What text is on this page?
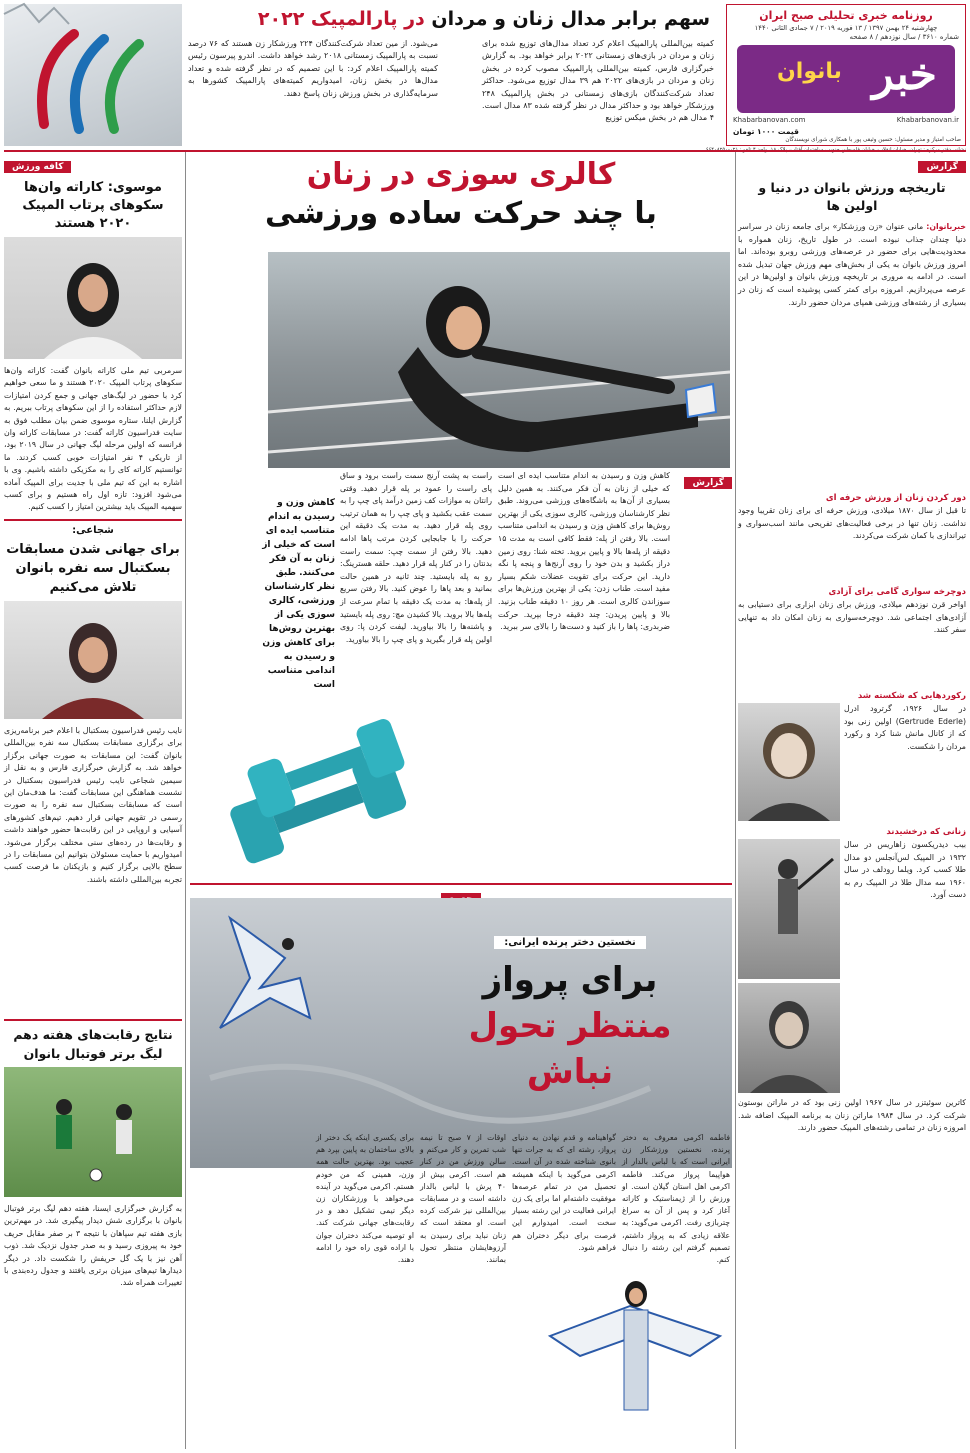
روزنامه خبری تحلیلی صبح ایران
چهارشنبه ۲۴ بهمن ۱۳۹۷ / ۱۳ فوریه ۲۰۱۹ / ۷ جمادی الثانی ۱۴۴۰
شماره ۳۶۱۰ / سال نوزدهم / ۸ صفحه
خبر
بانوان
Khabarbanovan.com	Khabarbanovan.ir
قیمت ۱۰۰۰ تومان
صاحب امتیاز و مدیر مسئول: حسین وثیقی پور با همکاری شورای نویسندگان
سهم برابر مدال زنان و مردان در پارالمپیک ۲۰۲۲
کمیته بین‌المللی پارالمپیک اعلام کرد تعداد مدال‌های توزیع شده برای زنان و مردان در بازی‌های زمستانی ۲۰۲۲ برابر خواهد بود. به گزارش خبرگزاری فارس، کمیته بین‌المللی پارالمپیک مصوب کرده در بخش زنان و مردان در بازی‌های ۲۰۲۲ هم ۳۹ مدال توزیع می‌شود. حداکثر تعداد شرکت‌کنندگان بازی‌های زمستانی در بخش پارالمپیک ۲۴۸ ورزشکار خواهد بود و حداکثر مدال در نظر گرفته شده ۸۳ مدال است. ۴ مدال هم در بخش میکس توزیع
می‌شود. از مین تعداد شرکت‌کنندگان ۲۲۴ ورزشکار زن هستند که ۷۶ درصد نسبت به پارالمپیک زمستانی ۲۰۱۸ رشد خواهد داشت. اندرو پیرسون رئیس کمیته پارالمپیک اعلام کرد: با این تصمیم که در نظر گرفته شده و تعداد مدال‌ها در بخش زنان، امیدواریم کمیته‌های پارالمپیک کشورها به سرمایه‌گذاری در بخش ورزش زنان پاسخ دهند.
کافه ورزش
موسوی: کاراته وان‌ها سکوهای پرتاب المپیک ۲۰۲۰ هستند
سرمربی تیم ملی کاراته بانوان گفت: کاراته وان‌ها سکوهای پرتاب المپیک ۲۰۲۰ هستند و ما سعی خواهیم کرد با حضور در لیگ‌های جهانی و جمع کردن امتیازات لازم حداکثر استفاده را از این سکوهای پرتاب ببریم. به گزارش ایلنا، ستاره موسوی ضمن بیان مطلب فوق به سایت فدراسیون کاراته گفت: در مسابقات کاراته وان فرانسه که اولین مرحله لیگ جهانی در سال ۲۰۱۹ بود، از تاریکی ۴ نفر امتیازات خوبی کسب کردند. ما توانستیم کاراته کای را به مکزیکی داشته باشیم. وی با اشاره به این که تیم ملی با جدیت برای المپیک آماده می‌شود افزود: تازه اول راه هستیم و برای کسب سهمیه المپیک باید بیشترین امتیاز را کسب کنیم.
شجاعی:
برای جهانی شدن مسابقات بسکتبال سه نفره بانوان تلاش می‌کنیم
نایب رئیس فدراسیون بسکتبال با اعلام خبر برنامه‌ریزی برای برگزاری مسابقات بسکتبال سه نفره بین‌المللی بانوان گفت: این مسابقات به صورت جهانی برگزار خواهد شد. به گزارش خبرگزاری فارس و به نقل از سیمین شجاعی نایب رئیس فدراسیون بسکتبال در نشست هماهنگی این مسابقات گفت: ما هدف‌مان این است که مسابقات بسکتبال سه نفره را به صورت رسمی در تقویم جهانی قرار دهیم. تیم‌های کشورهای آسیایی و اروپایی در این رقابت‌ها حضور خواهند داشت و رقابت‌ها در رده‌های سنی مختلف برگزار می‌شود. امیدواریم با حمایت مسئولان بتوانیم این مسابقات را در سطح بالایی برگزار کنیم و بازیکنان ما فرصت کسب تجربه بین‌المللی داشته باشند.
نتایج رقابت‌های هفته دهم لیگ برتر فوتبال بانوان
به گزارش خبرگزاری ایسنا، هفته دهم لیگ برتر فوتبال بانوان با برگزاری شش دیدار پیگیری شد. در مهم‌ترین بازی هفته تیم سپاهان با نتیجه ۳ بر صفر مقابل حریف خود به پیروزی رسید و به صدر جدول نزدیک شد. ذوب آهن نیز با یک گل حریفش را شکست داد. در دیگر دیدارها تیم‌های میزبان برتری یافتند و جدول رده‌بندی با تغییرات همراه شد.
کالری سوزی در زنان
با چند حرکت ساده ورزشی
گزارش
کاهش وزن و رسیدن به اندام متناسب ایده ای است که خیلی از زنان به آن فکر می‌کنند. به همین دلیل بسیاری از آن‌ها به باشگاه‌های ورزشی می‌روند. طبق نظر کارشناسان ورزشی، کالری سوزی یکی از بهترین روش‌ها برای کاهش وزن و رسیدن به اندامی متناسب است. بالا رفتن از پله: فقط کافی است به مدت ۱۵ دقیقه از پله‌ها بالا و پایین بروید. تخته شنا: روی زمین دراز بکشید و بدن خود را روی آرنج‌ها و پنجه پا نگه دارید. این حرکت برای تقویت عضلات شکم بسیار مفید است. طناب زدن: یکی از بهترین ورزش‌ها برای سوزاندن کالری است. هر روز ۱۰ دقیقه طناب بزنید. بالا و پایین پریدن: چند دقیقه درجا بپرید. حرکت ضربدری: پاها را باز کنید و دست‌ها را بالای سر ببرید.
راست به پشت آرنج سمت راست برود و ساق پای راست را عمود بر پله قرار دهید. وقتی رانتان به موازات کف زمین درآمد پای چپ را به سمت عقب بکشید و پای چپ را به همان ترتیب روی پله قرار دهید. به مدت یک دقیقه این حرکت را با جابجایی کردن مرتب پاها ادامه دهید. بالا رفتن از سمت چپ: سمت راست بدنتان را در کنار پله قرار دهید. حلقه هسترینگ: رو به پله بایستید. چند ثانیه در همین حالت بمانید و بعد پاها را عوض کنید. بالا رفتن سریع از پله‌ها: به مدت یک دقیقه با تمام سرعت از پله‌ها بالا بروید. بالا کشیدن مچ: روی پله بایستید و پاشنه‌ها را بالا بیاورید. لیفت کردن پا: روی اولین پله قرار بگیرید و پای چپ را بالا بیاورید.
کاهش وزن و رسیدن به اندام متناسب ایده ای است که خیلی از زنان به آن فکر می‌کنند. طبق نظر کارشناسان ورزشی، کالری سوزی یکی از بهترین روش‌ها برای کاهش وزن و رسیدن به اندامی متناسب است
نخستین دختر پرنده ایرانی:
برای پرواز
منتظر تحول نباش
فاطمه اکرمی معروف به دختر پرنده، نخستین ورزشکار زن ایرانی است که با لباس بالدار از هواپیما پرواز می‌کند. فاطمه اکرمی اهل استان گیلان است. او ورزش را از ژیمناستیک و کاراته آغاز کرد و پس از آن به سراغ چتربازی رفت. اکرمی می‌گوید: به علاقه زیادی که به پرواز داشتم، تصمیم گرفتم این رشته را دنبال کنم.
گواهینامه و قدم نهادن به دنیای پرواز، رشته ای که به جرات تنها بانوی شناخته شده در آن است. اکرمی می‌گوید با اینکه همیشه تحصیل من در تمام عرصه‌ها موفقیت داشته‌ام اما برای یک زن ایرانی فعالیت در این رشته بسیار سخت است. امیدوارم این فرصت برای دیگر دختران هم فراهم شود.
اوقات از ۷ صبح تا نیمه شب تمرین و کار می‌کنم و سالن ورزش من در کنار هم است. اکرمی بیش از ۴۰ پرش با لباس بالدار داشته است و در مسابقات بین‌المللی نیز شرکت کرده است. او معتقد است که زنان نباید برای رسیدن به آرزوهایشان منتظر تحول بمانند.
برای یکسری اینکه یک دختر از بالای ساختمان به پایین بپرد هم عجیب بود. بهترین حالت همه وزن، همینی که من خودم هستم. اکرمی می‌گوید در آینده می‌خواهد با ورزشکاران زن دیگر تیمی تشکیل دهد و در رقابت‌های جهانی شرکت کند. او توصیه می‌کند دختران جوان با اراده قوی راه خود را ادامه دهند.
گزارش
تاریخچه ورزش بانوان در دنیا و اولین ها
خبربانوان: مانی عنوان «زن ورزشکار» برای جامعه زنان در سراسر دنیا چندان جذاب نبوده است. در طول تاریخ، زنان همواره با محدودیت‌هایی برای حضور در عرصه‌های ورزشی روبرو بوده‌اند. اما امروز ورزش بانوان به یکی از بخش‌های مهم ورزش جهان تبدیل شده است. در ادامه به مروری بر تاریخچه ورزش بانوان و اولین‌ها در این عرصه می‌پردازیم. امروزه برای کمتر کسی پوشیده است که زنان در بسیاری از رشته‌های ورزشی همپای مردان حضور دارند.
دور کردن زنان از ورزش حرفه ای
تا قبل از سال ۱۸۷۰ میلادی، ورزش حرفه ای برای زنان تقریبا وجود نداشت. زنان تنها در برخی فعالیت‌های تفریحی مانند اسب‌سواری و تیراندازی با کمان شرکت می‌کردند.
دوچرخه سواری گامی برای آزادی
اواخر قرن نوزدهم میلادی، ورزش برای زنان ابزاری برای دستیابی به آزادی‌های اجتماعی شد. دوچرخه‌سواری به زنان امکان داد به تنهایی سفر کنند.
رکوردهایی که شکسته شد
در سال ۱۹۲۶، گرترود ادرل (Gertrude Ederle) اولین زنی بود که از کانال مانش شنا کرد و رکورد مردان را شکست.
زنانی که درخشیدند
بیب دیدریکسون زاهاریس در سال ۱۹۳۲ در المپیک لس‌آنجلس دو مدال طلا کسب کرد. ویلما رودلف در سال ۱۹۶۰ سه مدال طلا در المپیک رم به دست آورد.
کاترین سوئیتزر در سال ۱۹۶۷ اولین زنی بود که در ماراتن بوستون شرکت کرد. در سال ۱۹۸۴ ماراتن زنان به برنامه المپیک اضافه شد. امروزه زنان در تمامی رشته‌های المپیک حضور دارند.
